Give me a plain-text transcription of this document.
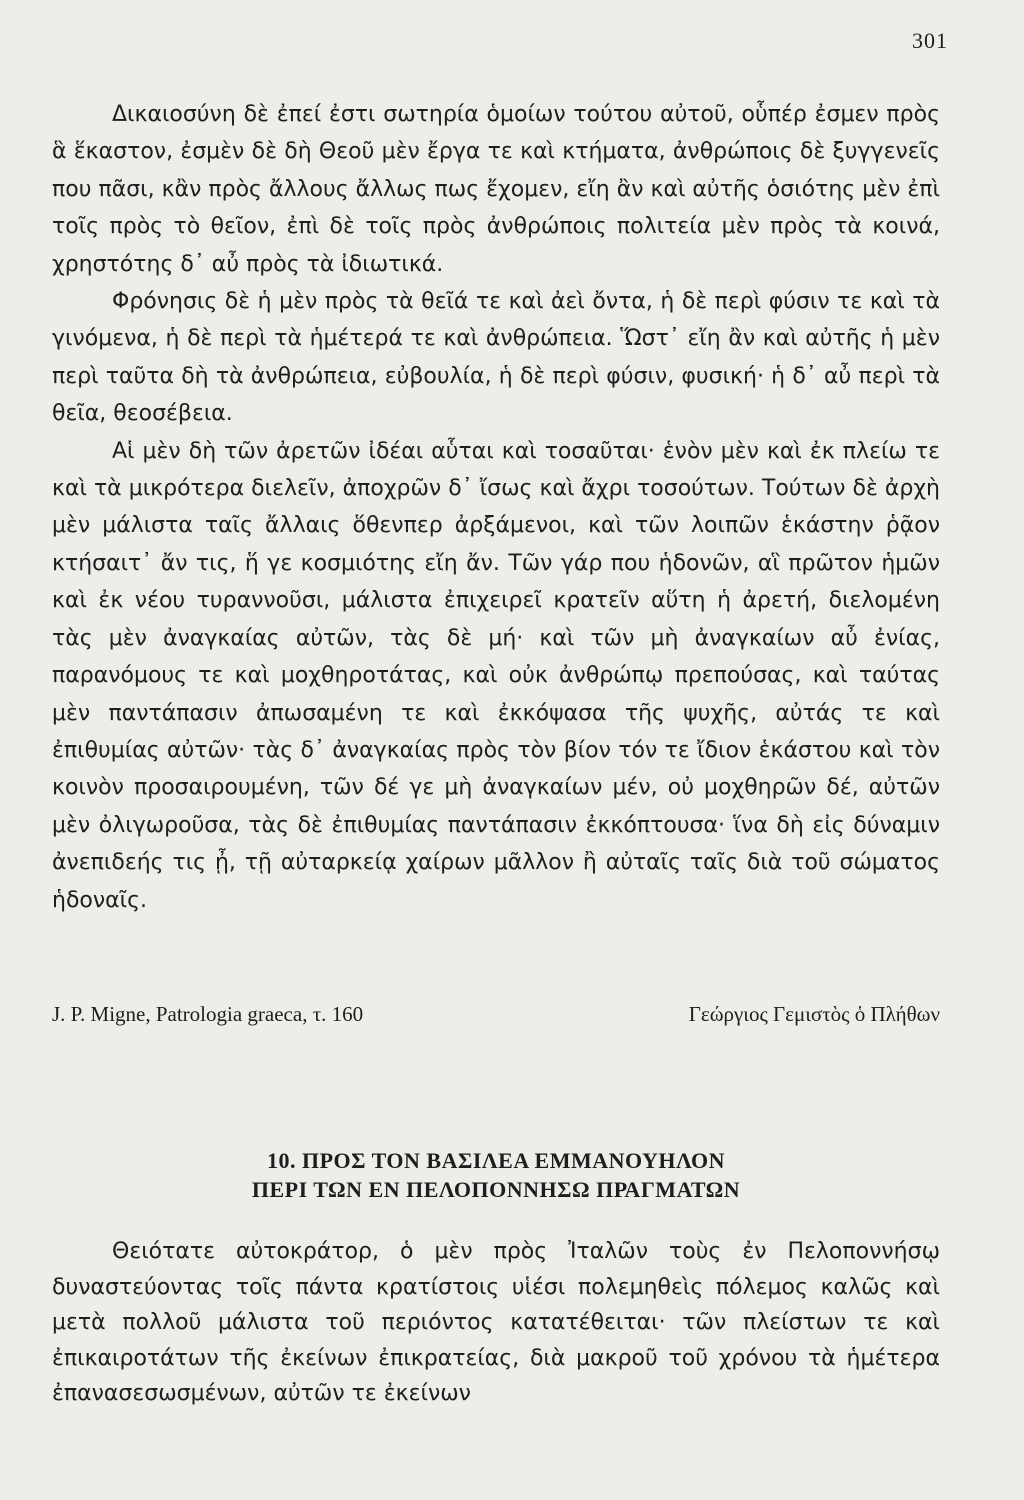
301

Δικαιοσύνη δὲ ἐπεί ἐστι σωτηρία ὁμοίων τούτου αὐτοῦ, οὗπέρ ἐσμεν πρὸς ἃ ἕκαστον, ἐσμὲν δὲ δὴ Θεοῦ μὲν ἔργα τε καὶ κτήματα, ἀνθρώποις δὲ ξυγγενεῖς που πᾶσι, κἂν πρὸς ἄλλους ἄλλως πως ἔχομεν, εἴη ἂν καὶ αὐτῆς ὁσιότης μὲν ἐπὶ τοῖς πρὸς τὸ θεῖον, ἐπὶ δὲ τοῖς πρὸς ἀνθρώποις πολιτεία μὲν πρὸς τὰ κοινά, χρηστότης δ᾽ αὖ πρὸς τὰ ἰδιωτικά.

Φρόνησις δὲ ἡ μὲν πρὸς τὰ θεῖά τε καὶ ἀεὶ ὄντα, ἡ δὲ περὶ φύσιν τε καὶ τὰ γινόμενα, ἡ δὲ περὶ τὰ ἡμέτερά τε καὶ ἀνθρώπεια. Ὥστ᾽ εἴη ἂν καὶ αὐτῆς ἡ μὲν περὶ ταῦτα δὴ τὰ ἀνθρώπεια, εὐβουλία, ἡ δὲ περὶ φύσιν, φυσική· ἡ δ᾽ αὖ περὶ τὰ θεῖα, θεοσέβεια.

Αἱ μὲν δὴ τῶν ἀρετῶν ἰδέαι αὗται καὶ τοσαῦται· ἑνὸν μὲν καὶ ἐκ πλείω τε καὶ τὰ μικρότερα διελεῖν, ἀποχρῶν δ᾽ ἴσως καὶ ἄχρι τοσούτων. Τούτων δὲ ἀρχὴ μὲν μάλιστα ταῖς ἄλλαις ὅθενπερ ἀρξάμενοι, καὶ τῶν λοιπῶν ἑκάστην ῥᾷον κτήσαιτ᾽ ἄν τις, ἥ γε κοσμιότης εἴη ἄν. Τῶν γάρ που ἡδονῶν, αἳ πρῶτον ἡμῶν καὶ ἐκ νέου τυραννοῦσι, μάλιστα ἐπιχειρεῖ κρατεῖν αὕτη ἡ ἀρετή, διελομένη τὰς μὲν ἀναγκαίας αὐτῶν, τὰς δὲ μή· καὶ τῶν μὴ ἀναγκαίων αὖ ἐνίας, παρανόμους τε καὶ μοχθηροτάτας, καὶ οὐκ ἀνθρώπῳ πρεπούσας, καὶ ταύτας μὲν παντάπασιν ἀπωσαμένη τε καὶ ἐκκόψασα τῆς ψυχῆς, αὐτάς τε καὶ ἐπιθυμίας αὐτῶν· τὰς δ᾽ ἀναγκαίας πρὸς τὸν βίον τόν τε ἴδιον ἑκάστου καὶ τὸν κοινὸν προσαιρουμένη, τῶν δέ γε μὴ ἀναγκαίων μέν, οὐ μοχθηρῶν δέ, αὐτῶν μὲν ὀλιγωροῦσα, τὰς δὲ ἐπιθυμίας παντάπασιν ἐκκόπτουσα· ἵνα δὴ εἰς δύναμιν ἀνεπιδεής τις ᾖ, τῇ αὐταρκείᾳ χαίρων μᾶλλον ἢ αὐταῖς ταῖς διὰ τοῦ σώματος ἡδοναῖς.

J. P. Migne, Patrologia graeca, τ. 160	Γεώργιος Γεμιστὸς ὁ Πλήθων
10. ΠΡΟΣ ΤΟΝ ΒΑΣΙΛΕΑ ΕΜΜΑΝΟΥΗΛΟΝ
ΠΕΡΙ ΤΩΝ ΕΝ ΠΕΛΟΠΟΝΝΗΣΩ ΠΡΑΓΜΑΤΩΝ

Θειότατε αὐτοκράτορ, ὁ μὲν πρὸς Ἰταλῶν τοὺς ἐν Πελοποννήσῳ δυναστεύοντας τοῖς πάντα κρατίστοις υἱέσι πολεμηθεὶς πόλεμος καλῶς καὶ μετὰ πολλοῦ μάλιστα τοῦ περιόντος κατατέθειται· τῶν πλείστων τε καὶ ἐπικαιροτάτων τῆς ἐκείνων ἐπικρατείας, διὰ μακροῦ τοῦ χρόνου τὰ ἡμέτερα ἐπανασεσωσμένων, αὐτῶν τε ἐκείνων
